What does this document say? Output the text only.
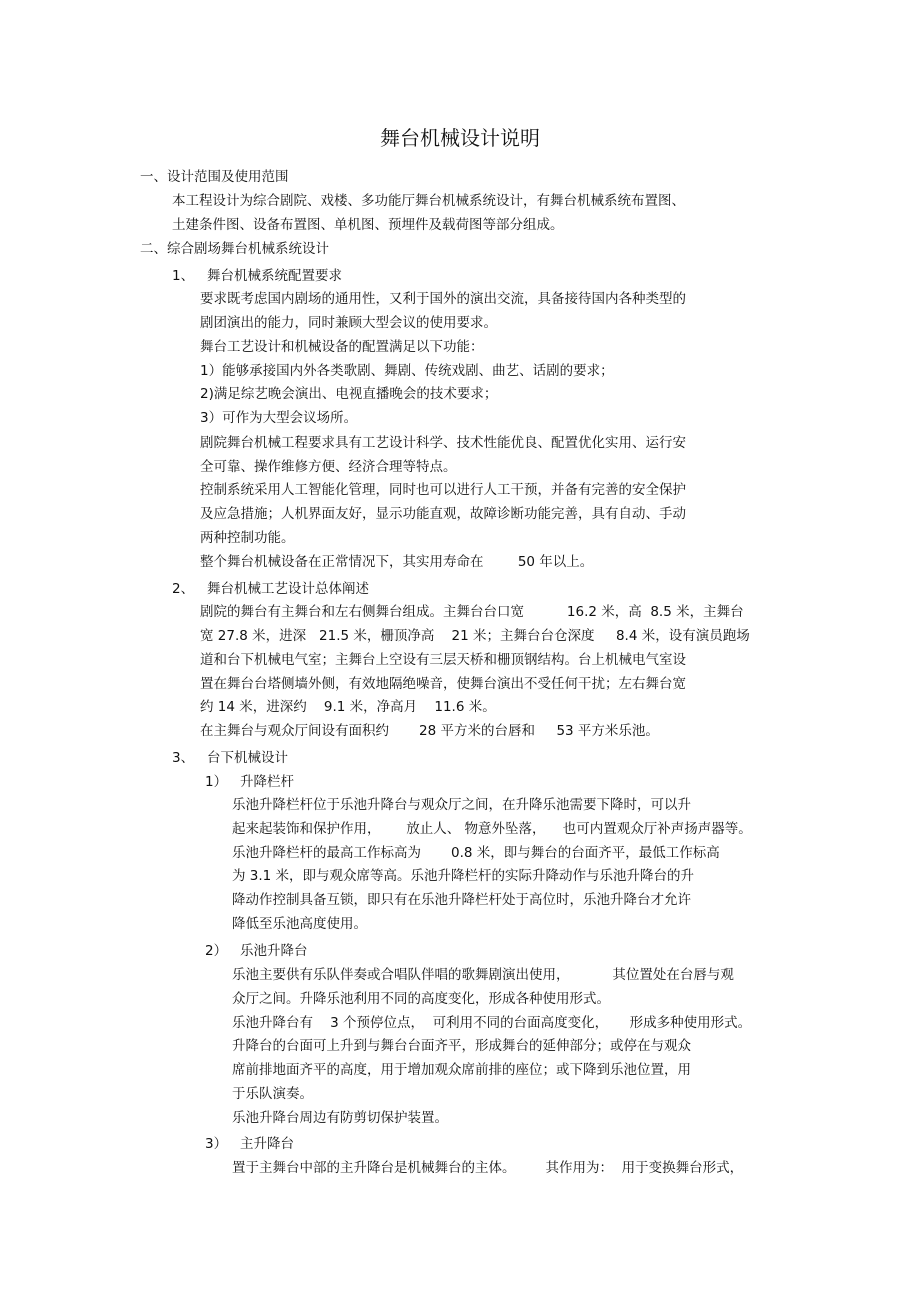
舞台机械设计说明
一、设计范围及使用范围
本工程设计为综合剧院、戏楼、多功能厅舞台机械系统设计，有舞台机械系统布置图、
土建条件图、设备布置图、单机图、预埋件及载荷图等部分组成。
二、综合剧场舞台机械系统设计
1、   舞台机械系统配置要求
要求既考虑国内剧场的通用性，又利于国外的演出交流，具备接待国内各种类型的
剧团演出的能力，同时兼顾大型会议的使用要求。
舞台工艺设计和机械设备的配置满足以下功能：
1）能够承接国内外各类歌剧、舞剧、传统戏剧、曲艺、话剧的要求；
2)满足综艺晚会演出、电视直播晚会的技术要求；
3）可作为大型会议场所。
剧院舞台机械工程要求具有工艺设计科学、技术性能优良、配置优化实用、运行安
全可靠、操作维修方便、经济合理等特点。
控制系统采用人工智能化管理，同时也可以进行人工干预，并备有完善的安全保护
及应急措施；人机界面友好，显示功能直观，故障诊断功能完善，具有自动、手动
两种控制功能。
整个舞台机械设备在正常情况下，其实用寿命在        50 年以上。
2、   舞台机械工艺设计总体阐述
剧院的舞台有主舞台和左右侧舞台组成。主舞台台口宽          16.2 米，高  8.5 米，主舞台
宽 27.8 米，进深   21.5 米，栅顶净高    21 米；主舞台台仓深度     8.4 米，设有演员跑场
道和台下机械电气室；主舞台上空设有三层天桥和栅顶钢结构。台上机械电气室设
置在舞台台塔侧墙外侧，有效地隔绝噪音，使舞台演出不受任何干扰；左右舞台宽
约 14 米，进深约    9.1 米，净高月    11.6 米。
在主舞台与观众厅间设有面积约       28 平方米的台唇和     53 平方米乐池。
3、   台下机械设计
1）   升降栏杆
乐池升降栏杆位于乐池升降台与观众厅之间，在升降乐池需要下降时，可以升
起来起装饰和保护作用，      放止人、 物意外坠落，    也可内置观众厅补声扬声器等。
乐池升降栏杆的最高工作标高为       0.8 米，即与舞台的台面齐平，最低工作标高
为 3.1 米，即与观众席等高。乐池升降栏杆的实际升降动作与乐池升降台的升
降动作控制具备互锁，即只有在乐池升降栏杆处于高位时，乐池升降台才允许
降低至乐池高度使用。
2）   乐池升降台
乐池主要供有乐队伴奏或合唱队伴唱的歌舞剧演出使用，          其位置处在台唇与观
众厅之间。升降乐池利用不同的高度变化，形成各种使用形式。
乐池升降台有    3 个预停位点，  可利用不同的台面高度变化，     形成多种使用形式。
升降台的台面可上升到与舞台台面齐平，形成舞台的延伸部分；或停在与观众
席前排地面齐平的高度，用于增加观众席前排的座位；或下降到乐池位置，用
于乐队演奏。
乐池升降台周边有防剪切保护装置。
3）   主升降台
置于主舞台中部的主升降台是机械舞台的主体。       其作用为：  用于变换舞台形式，
